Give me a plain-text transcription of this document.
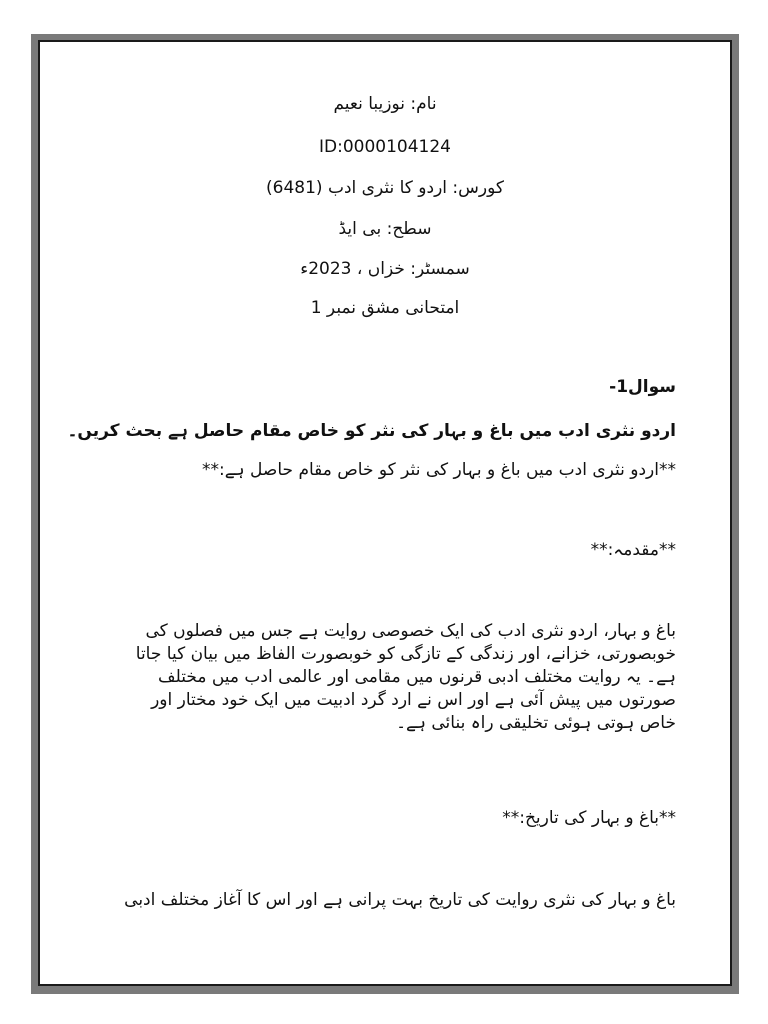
نام: نوزیبا نعیم
ID:0000104124
کورس: اردو کا نثری ادب (6481)
سطح: بی ایڈ
سمسٹر: خزاں ، 2023ء
امتحانی مشق نمبر 1
سوال1-
اردو نثری ادب میں باغ و بہار کی نثر کو خاص مقام حاصل ہے بحث کریں۔
**اردو نثری ادب میں باغ و بہار کی نثر کو خاص مقام حاصل ہے:**
**مقدمہ:**
باغ و بہار، اردو نثری ادب کی ایک خصوصی روایت ہے جس میں فصلوں کی
خوبصورتی، خزانے، اور زندگی کے تازگی کو خوبصورت الفاظ میں بیان کیا جاتا
ہے۔ یہ روایت مختلف ادبی قرنوں میں مقامی اور عالمی ادب میں مختلف
صورتوں میں پیش آئی ہے اور اس نے ارد گرد ادبیت میں ایک خود مختار اور
خاص ہوتی ہوئی تخلیقی راہ بنائی ہے۔
**باغ و بہار کی تاریخ:**
باغ و بہار کی نثری روایت کی تاریخ بہت پرانی ہے اور اس کا آغاز مختلف ادبی
